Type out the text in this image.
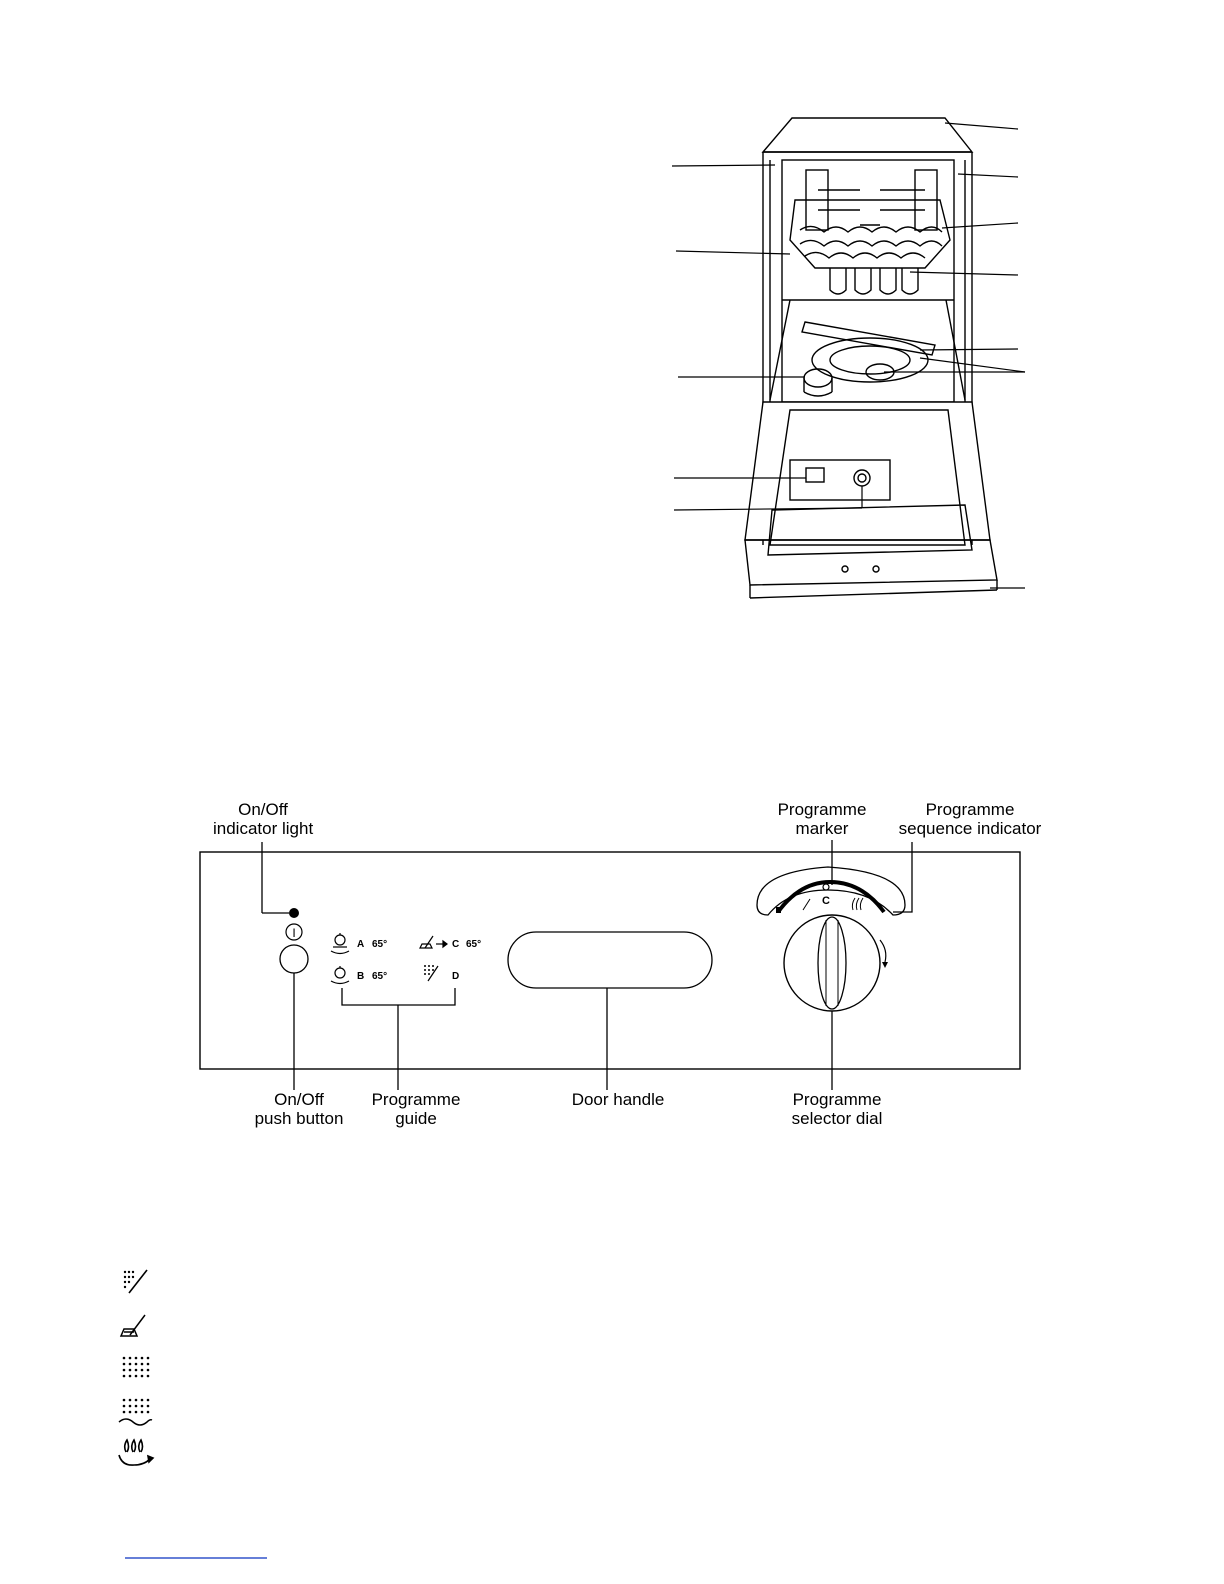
I
A 65°
B 65°
C 65°
D
C
On/Off
indicator light
Programme
marker
Programme
sequence indicator
On/Off
push button
Programme
guide
Door handle	Programme
selector dial
